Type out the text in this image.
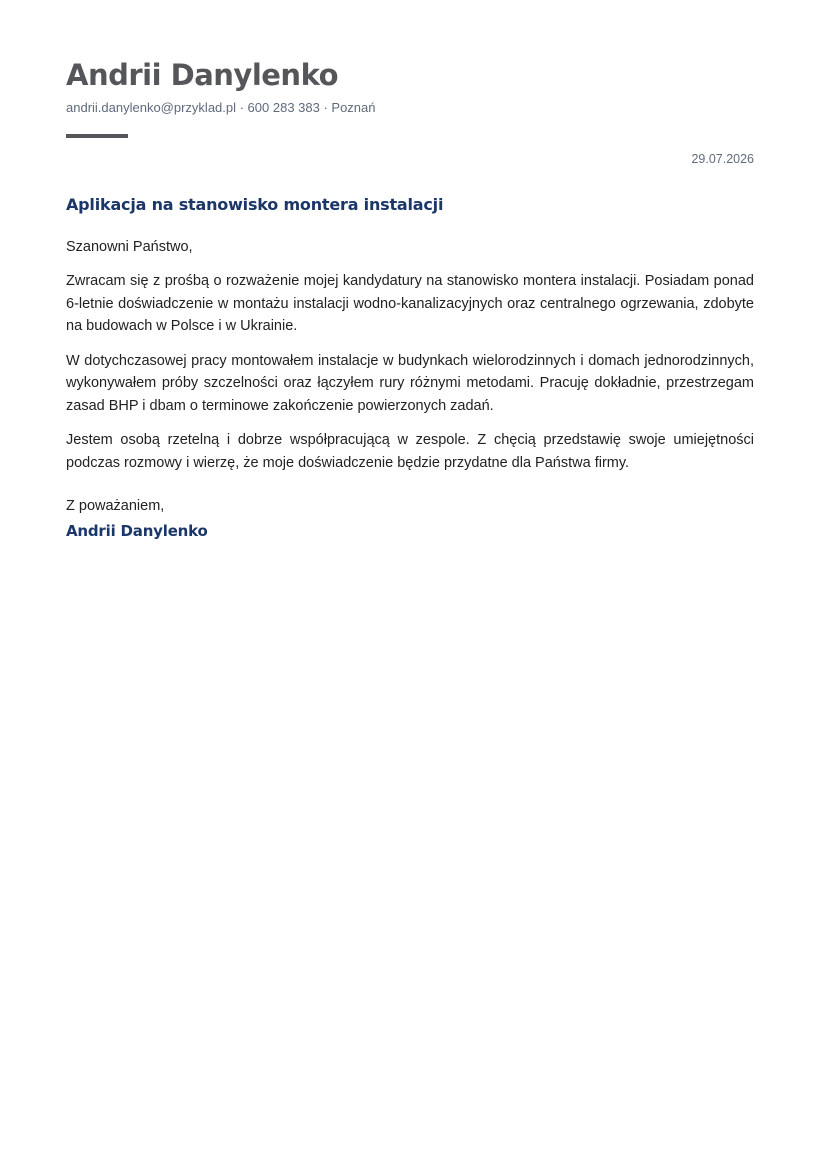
Andrii Danylenko
andrii.danylenko@przyklad.pl · 600 283 383 · Poznań
29.07.2026
Aplikacja na stanowisko montera instalacji
Szanowni Państwo,

Zwracam się z prośbą o rozważenie mojej kandydatury na stanowisko montera instalacji. Posiadam ponad 6-letnie doświadczenie w montażu instalacji wodno-kanalizacyjnych oraz centralnego ogrzewania, zdobyte na budowach w Polsce i w Ukrainie.

W dotychczasowej pracy montowałem instalacje w budynkach wielorodzinnych i domach jednorodzinnych, wykonywałem próby szczelności oraz łączyłem rury różnymi metodami. Pracuję dokładnie, przestrzegam zasad BHP i dbam o terminowe zakończenie powierzonych zadań.

Jestem osobą rzetelną i dobrze współpracującą w zespole. Z chęcią przedstawię swoje umiejętności podczas rozmowy i wierzę, że moje doświadczenie będzie przydatne dla Państwa firmy.

Z poważaniem,
Andrii Danylenko
